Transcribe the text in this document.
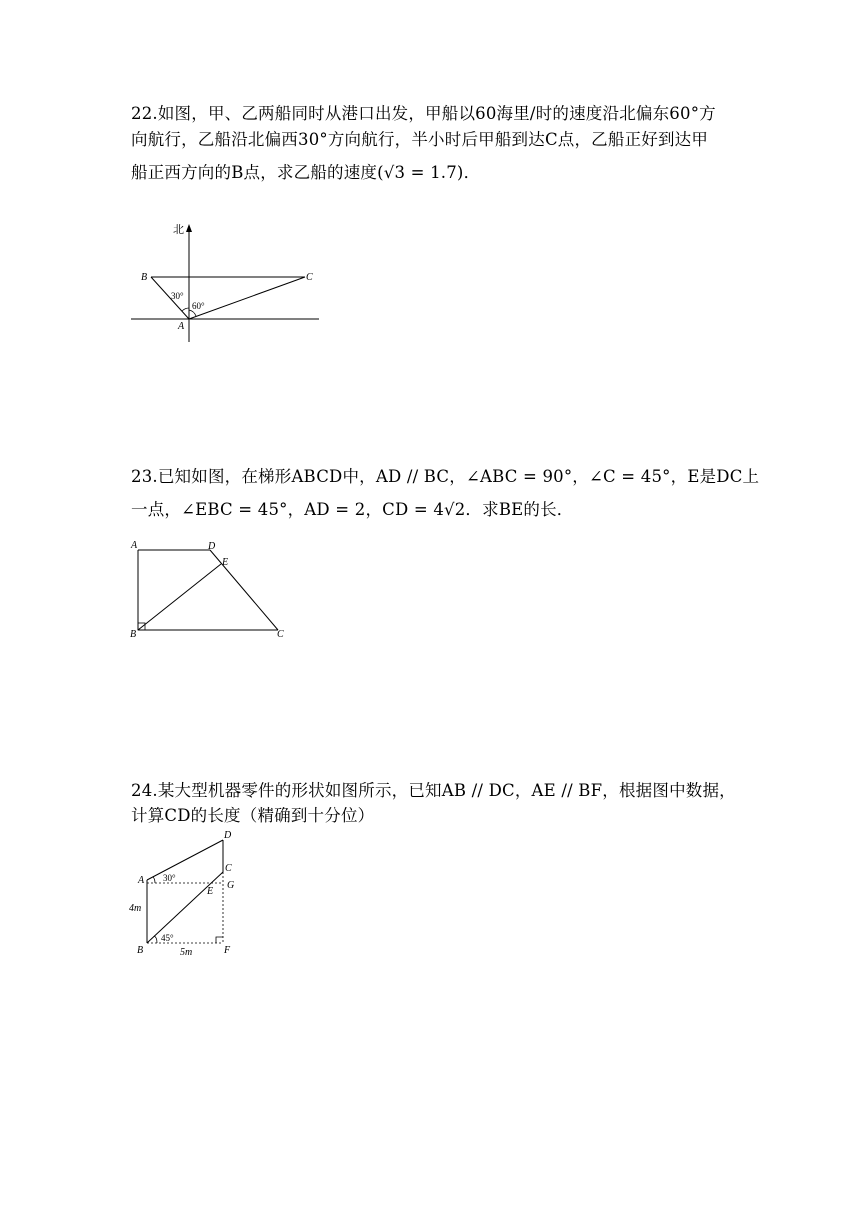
22.如图，甲、乙两船同时从港口出发，甲船以60海里/时的速度沿北偏东60°方
向航行，乙船沿北偏西30°方向航行，半小时后甲船到达C点，乙船正好到达甲
船正西方向的B点，求乙船的速度(√3 = 1.7)．
北
B	C
A
30°
60°
23.已知如图，在梯形ABCD中，AD // BC，∠ABC = 90°，∠C = 45°，E是DC上
一点，∠EBC = 45°，AD = 2，CD = 4√2．求BE的长．
A	D
E
B	C
24.某大型机器零件的形状如图所示，已知AB // DC，AE // BF，根据图中数据，
计算CD的长度（精确到十分位）
D
C
A	G
E
B	F
30°
45°
4m
5m
